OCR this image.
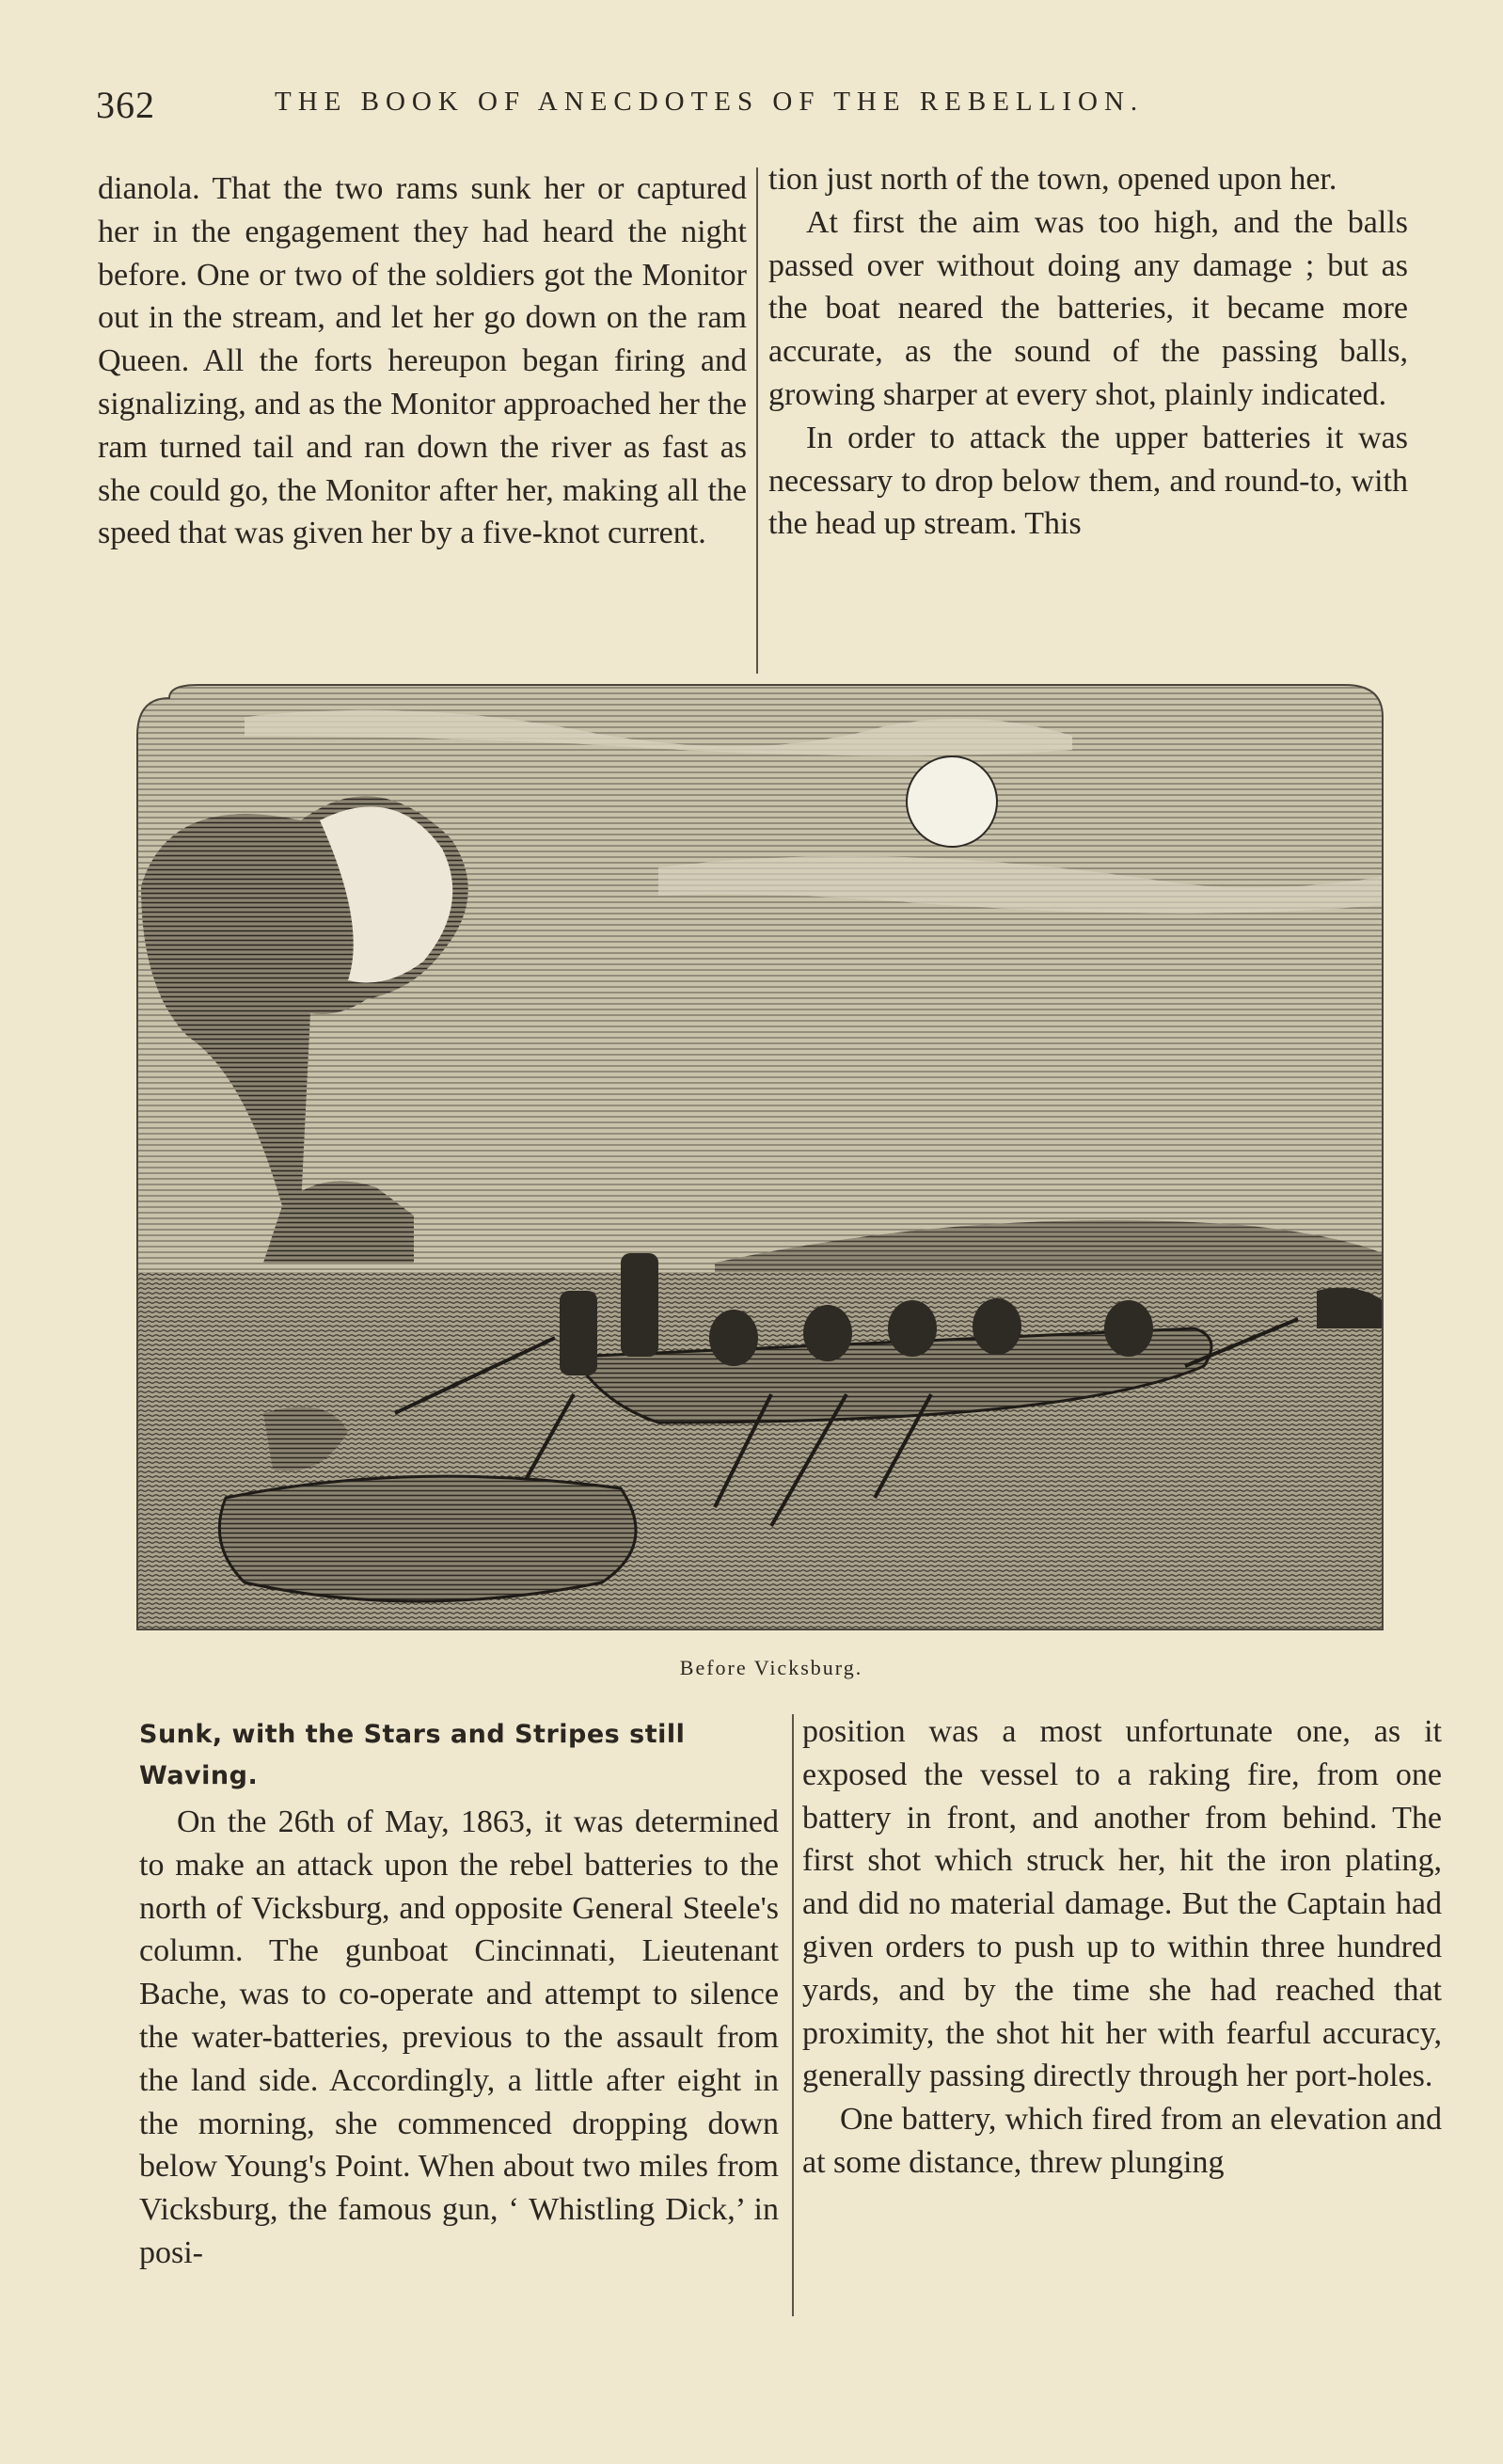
362	THE BOOK OF ANECDOTES OF THE REBELLION.

dianola. That the two rams sunk her or captured her in the engagement they had heard the night before. One or two of the soldiers got the Monitor out in the stream, and let her go down on the ram Queen. All the forts hereupon began firing and signalizing, and as the Monitor approached her the ram turned tail and ran down the river as fast as she could go, the Monitor after her, making all the speed that was given her by a five-knot current.

tion just north of the town, opened upon her.

At first the aim was too high, and the balls passed over without doing any damage ; but as the boat neared the batteries, it became more accurate, as the sound of the passing balls, growing sharper at every shot, plainly indicated.

In order to attack the upper batteries it was necessary to drop below them, and round-to, with the head up stream. This

Before Vicksburg.
Sunk, with the Stars and Stripes still Waving.

On the 26th of May, 1863, it was determined to make an attack upon the rebel batteries to the north of Vicksburg, and opposite General Steele's column. The gunboat Cincinnati, Lieutenant Bache, was to co-operate and attempt to silence the water-batteries, previous to the assault from the land side. Accordingly, a little after eight in the morning, she commenced dropping down below Young's Point. When about two miles from Vicksburg, the famous gun, ‘ Whistling Dick,’ in posi-

position was a most unfortunate one, as it exposed the vessel to a raking fire, from one battery in front, and another from behind. The first shot which struck her, hit the iron plating, and did no material damage. But the Captain had given orders to push up to within three hundred yards, and by the time she had reached that proximity, the shot hit her with fearful accuracy, generally passing directly through her port-holes.

One battery, which fired from an elevation and at some distance, threw plunging
